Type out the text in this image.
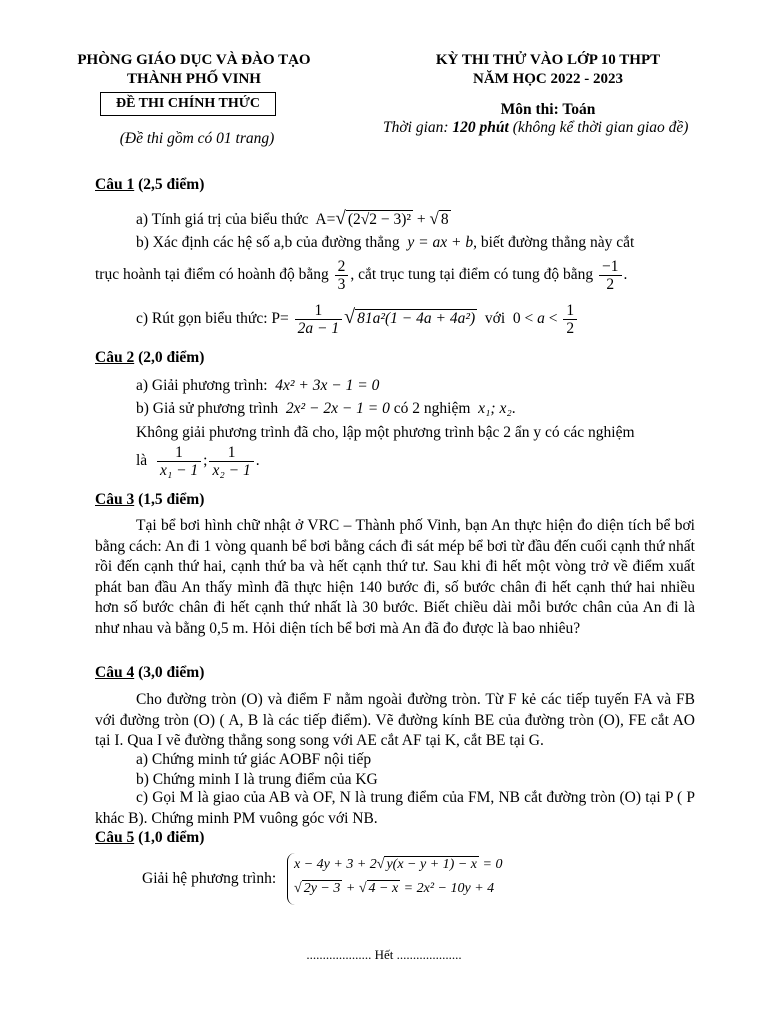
PHÒNG GIÁO DỤC VÀ ĐÀO TẠO
THÀNH PHỐ VINH
ĐỀ THI CHÍNH THỨC
(Đề thi gồm có 01 trang)
KỲ THI THỬ VÀO LỚP 10 THPT
NĂM HỌC 2022 - 2023
Môn thi: Toán
Thời gian: 120 phút (không kể thời gian giao đề)
Câu 1 (2,5 điểm)
a) Tính giá trị của biểu thức  A=√ (2√2 − 3)² + √ 8
b) Xác định các hệ số a,b của đường thẳng y = ax + b, biết đường thẳng này cắt
trục hoành tại điểm có hoành độ bằng $\frac{2}{3}$ , cắt trục tung tại điểm có tung độ bằng $\frac{-1}{2}$ .
c) Rút gọn biểu thức: $P= \frac{1}{2a - 1}$ √ 81a²(1 − 4a + 4a²) với  $0 < a < \frac{1}{2}$
Câu 2 (2,0 điểm)
a) Giải phương trình: 4x² + 3x − 1 = 0
b) Giả sử phương trình 2x² − 2x − 1 = 0 có 2 nghiệm x₁; x₂.
Không giải phương trình đã cho, lập một phương trình bậc 2 ẩn y có các nghiệm
là $\frac{1}{\text{x₁ − 1}}$ ; $\frac{1}{\text{x₂ − 1}}$ .
Câu 3 (1,5 điểm)
Tại bể bơi hình chữ nhật ở VRC – Thành phố Vinh, bạn An thực hiện đo diện tích bể bơi bằng cách: An đi 1 vòng quanh bể bơi bằng cách đi sát mép bể bơi từ đầu đến cuối cạnh thứ nhất rồi đến cạnh thứ hai, cạnh thứ ba và hết cạnh thứ tư. Sau khi đi hết một vòng trở về điểm xuất phát ban đầu An thấy mình đã thực hiện 140 bước đi, số bước chân đi hết cạnh thứ hai nhiều hơn số bước chân đi hết cạnh thứ nhất là 30 bước. Biết chiều dài mỗi bước chân của An đi là như nhau và bằng 0,5 m. Hỏi diện tích bể bơi mà An đã đo được là bao nhiêu?
Câu 4 (3,0 điểm)
Cho đường tròn (O) và điểm F nằm ngoài đường tròn. Từ F kẻ các tiếp tuyến FA và FB với đường tròn (O) ( A, B là các tiếp điểm). Vẽ đường kính BE của đường tròn (O), FE cắt AO tại I. Qua I vẽ đường thẳng song song với AE cắt AF tại K, cắt BE tại G.
a) Chứng minh tứ giác AOBF nội tiếp
b) Chứng minh I là trung điểm của KG
c) Gọi M là giao của AB và OF, N là trung điểm của FM, NB cắt đường tròn (O) tại P ( P khác B). Chứng minh PM vuông góc với NB.
Câu 5 (1,0 điểm)
Giải hệ phương trình:
x − 4y + 3 + 2√ y(x − y + 1) − x = 0
√ 2y − 3 + √ 4 − x = 2x² − 10y + 4
.................... Hết ....................
